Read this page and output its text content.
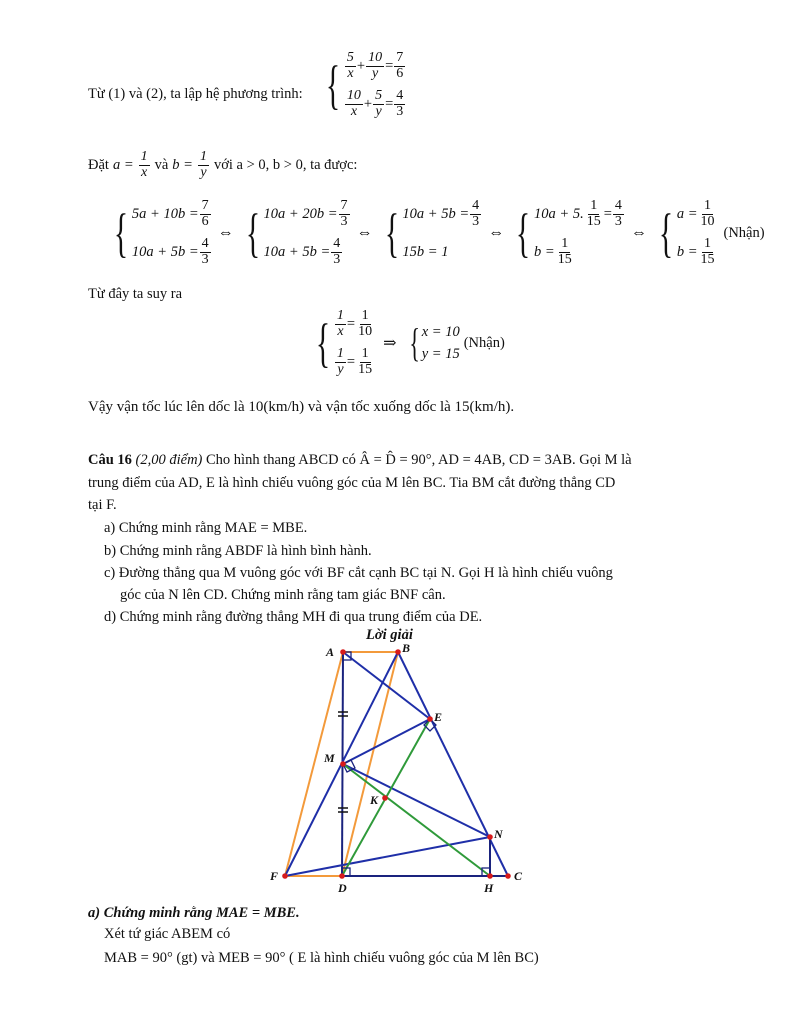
Từ (1) và (2), ta lập hệ phương trình: { $\frac{5}{x} + \frac{10}{y} = \frac{7}{6}$
$\frac{10}{x} + \frac{5}{y} = \frac{4}{3}$
Đặt $a = \frac{1}{x}$ và $b = \frac{1}{y}$ với a > 0, b > 0, ta được:
{ $5a + 10b = \frac{7}{6}$
$10a + 5b = \frac{4}{3}$
⇔ { $10a + 20b = \frac{7}{3}$
$10a + 5b = \frac{4}{3}$
⇔ { $10a + 5b = \frac{4}{3}$
15b = 1
⇔ { 10a + 5. $\frac{1}{15} = \frac{4}{3}$
$b = \frac{1}{15}$
⇔ { $a = \frac{1}{10}$
$b = \frac{1}{15}$
(Nhận)
Từ đây ta suy ra
{ $\frac{1}{x} = \frac{1}{10}$
$\frac{1}{y} = \frac{1}{15}$
⇒ { x = 10
y = 15
(Nhận)
Vậy vận tốc lúc lên dốc là 10(km/h) và vận tốc xuống dốc là 15(km/h).
Câu 16 (2,00 điểm) Cho hình thang ABCD có Â = D̂ = 90°, AD = 4AB, CD = 3AB. Gọi M là
trung điểm của AD, E là hình chiếu vuông góc của M lên BC. Tia BM cắt đường thẳng CD
tại F.
a) Chứng minh rằng MAE = MBE.
b) Chứng minh rằng ABDF là hình bình hành.
c) Đường thẳng qua M vuông góc với BF cắt cạnh BC tại N. Gọi H là hình chiếu vuông
góc của N lên CD. Chứng minh rằng tam giác BNF cân.
d) Chứng minh rằng đường thẳng MH đi qua trung điểm của DE.
Lời giải
A	B
E
M
K
N
F
D	H
C
a) Chứng minh rằng MAE = MBE.
Xét tứ giác ABEM có
MAB = 90° (gt) và MEB = 90° ( E là hình chiếu vuông góc của M lên BC)
